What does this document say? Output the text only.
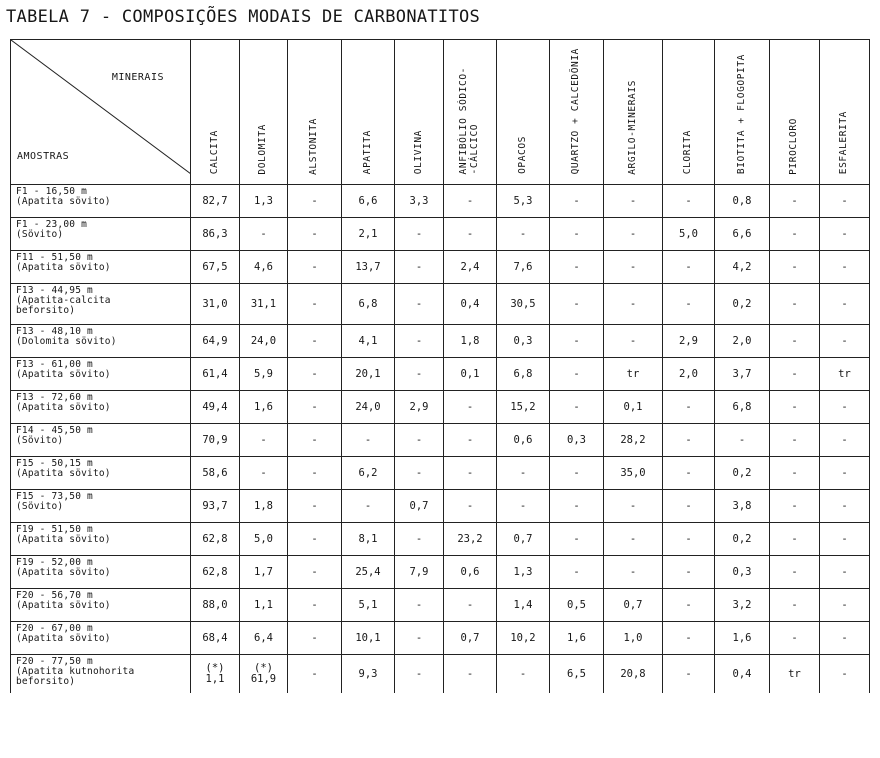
TABELA 7 - COMPOSIÇÕES MODAIS DE CARBONATITOS
MINERAIS
AMOSTRAS	CALCITA	DOLOMITA	ALSTONITA	APATITA	OLIVINA	ANFIBÓLIO SÓDICO-
-CÁLCICO	OPACOS	QUARTZO + CALCEDÔNIA	ARGILO-MINERAIS	CLORITA	BIOTITA + FLOGOPITA	PIROCLORO	ESFALERITA

F1 - 16,50 m
(Apatita sövito)	82,7	1,3	-	6,6	3,3	-	5,3	-	-	-	0,8	-	-

F1 - 23,00 m
(Sövito)	86,3	-	-	2,1	-	-	-	-	-	5,0	6,6	-	-

F11 - 51,50 m
(Apatita sövito)	67,5	4,6	-	13,7	-	2,4	7,6	-	-	-	4,2	-	-

F13 - 44,95 m
(Apatita-calcita
beforsito)	31,0	31,1	-	6,8	-	0,4	30,5	-	-	-	0,2	-	-

F13 - 48,10 m
(Dolomita sövito)	64,9	24,0	-	4,1	-	1,8	0,3	-	-	2,9	2,0	-	-

F13 - 61,00 m
(Apatita sövito)	61,4	5,9	-	20,1	-	0,1	6,8	-	tr	2,0	3,7	-	tr

F13 - 72,60 m
(Apatita sövito)	49,4	1,6	-	24,0	2,9	-	15,2	-	0,1	-	6,8	-	-

F14 - 45,50 m
(Sövito)	70,9	-	-	-	-	-	0,6	0,3	28,2	-	-	-	-

F15 - 50,15 m
(Apatita sövito)	58,6	-	-	6,2	-	-	-	-	35,0	-	0,2	-	-

F15 - 73,50 m
(Sövito)	93,7	1,8	-	-	0,7	-	-	-	-	-	3,8	-	-

F19 - 51,50 m
(Apatita sövito)	62,8	5,0	-	8,1	-	23,2	0,7	-	-	-	0,2	-	-

F19 - 52,00 m
(Apatita sövito)	62,8	1,7	-	25,4	7,9	0,6	1,3	-	-	-	0,3	-	-

F20 - 56,70 m
(Apatita sövito)	88,0	1,1	-	5,1	-	-	1,4	0,5	0,7	-	3,2	-	-

F20 - 67,00 m
(Apatita sövito)	68,4	6,4	-	10,1	-	0,7	10,2	1,6	1,0	-	1,6	-	-

F20 - 77,50 m
(Apatita kutnohorita
beforsito)	(*)
1,1	(*)
61,9	-	9,3	-	-	-	6,5	20,8	-	0,4	tr	-
